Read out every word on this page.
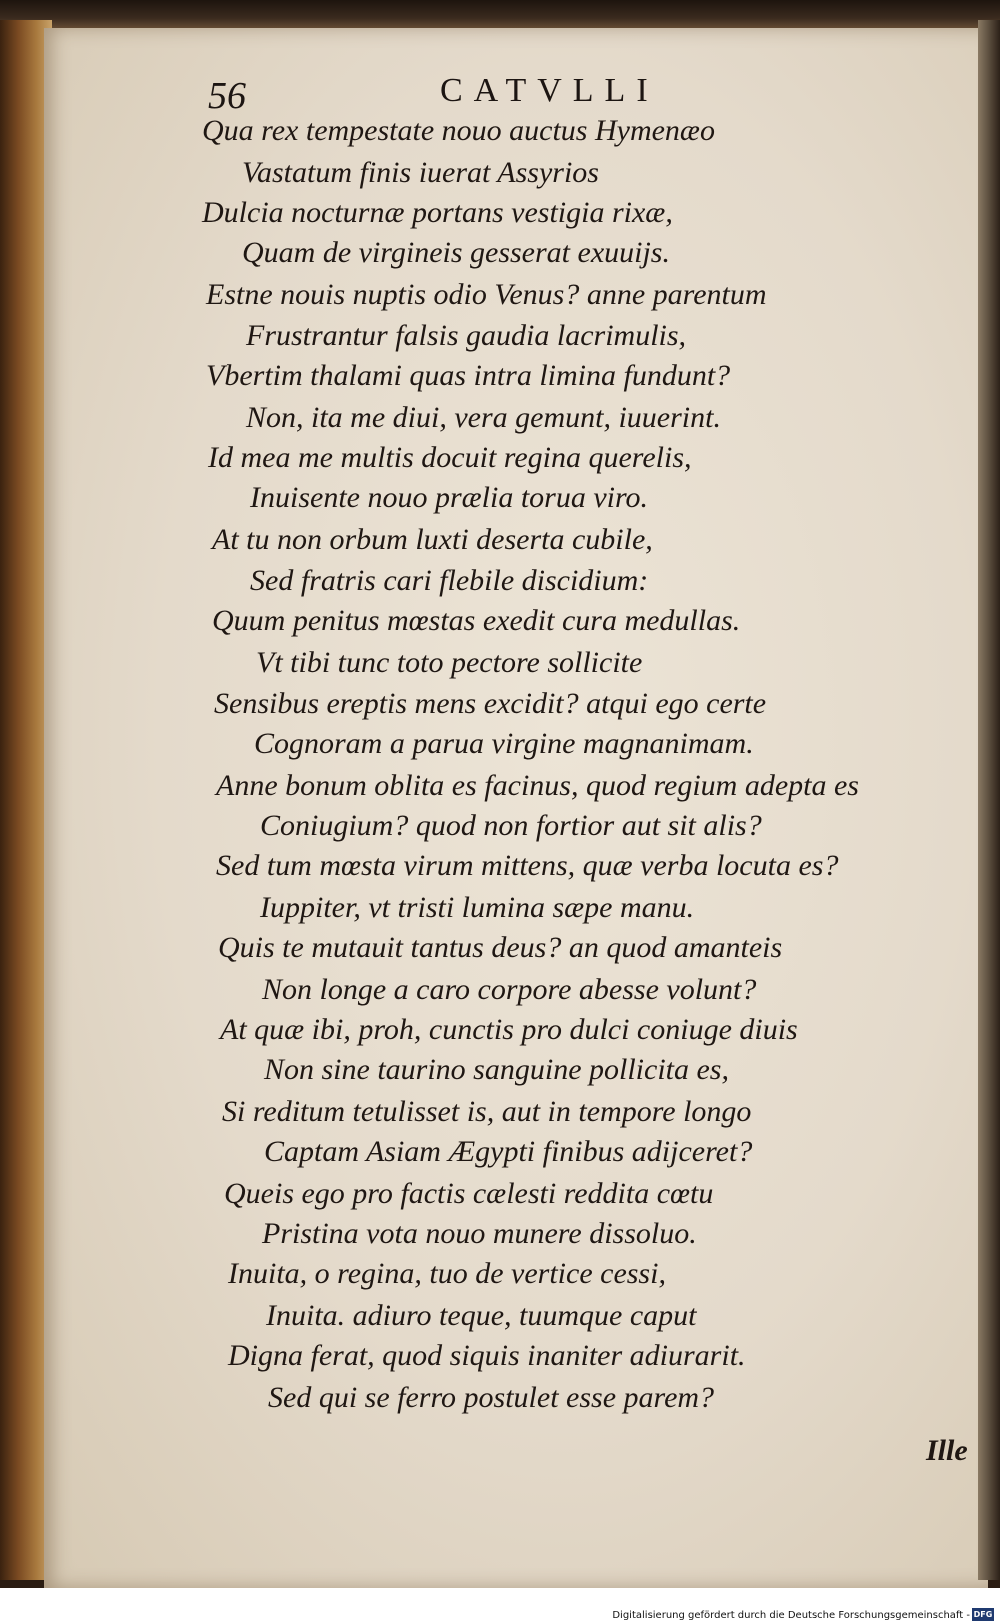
56	CATVLLI
Qua rex tempestate nouo auctus Hymenæo
Vastatum finis iuerat Assyrios
Dulcia nocturnæ portans vestigia rixæ,
Quam de virgineis gesserat exuuijs.
Estne nouis nuptis odio Venus? anne parentum
Frustrantur falsis gaudia lacrimulis,
Vbertim thalami quas intra limina fundunt?
Non, ita me diui, vera gemunt, iuuerint.
Id mea me multis docuit regina querelis,
Inuisente nouo prælia torua viro.
At tu non orbum luxti deserta cubile,
Sed fratris cari flebile discidium:
Quum penitus mœstas exedit cura medullas.
Vt tibi tunc toto pectore sollicite
Sensibus ereptis mens excidit? atqui ego certe
Cognoram a parua virgine magnanimam.
Anne bonum oblita es facinus, quod regium adepta es
Coniugium? quod non fortior aut sit alis?
Sed tum mœsta virum mittens, quæ verba locuta es?
Iuppiter, vt tristi lumina sæpe manu.
Quis te mutauit tantus deus? an quod amanteis
Non longe a caro corpore abesse volunt?
At quæ ibi, proh, cunctis pro dulci coniuge diuis
Non sine taurino sanguine pollicita es,
Si reditum tetulisset is, aut in tempore longo
Captam Asiam Ægypti finibus adijceret?
Queis ego pro factis cælesti reddita cœtu
Pristina vota nouo munere dissoluo.
Inuita, o regina, tuo de vertice cessi,
Inuita. adiuro teque, tuumque caput
Digna ferat, quod siquis inaniter adiurarit.
Sed qui se ferro postulet esse parem?
Ille
Digitalisierung gefördert durch die Deutsche Forschungsgemeinschaft - DFG
